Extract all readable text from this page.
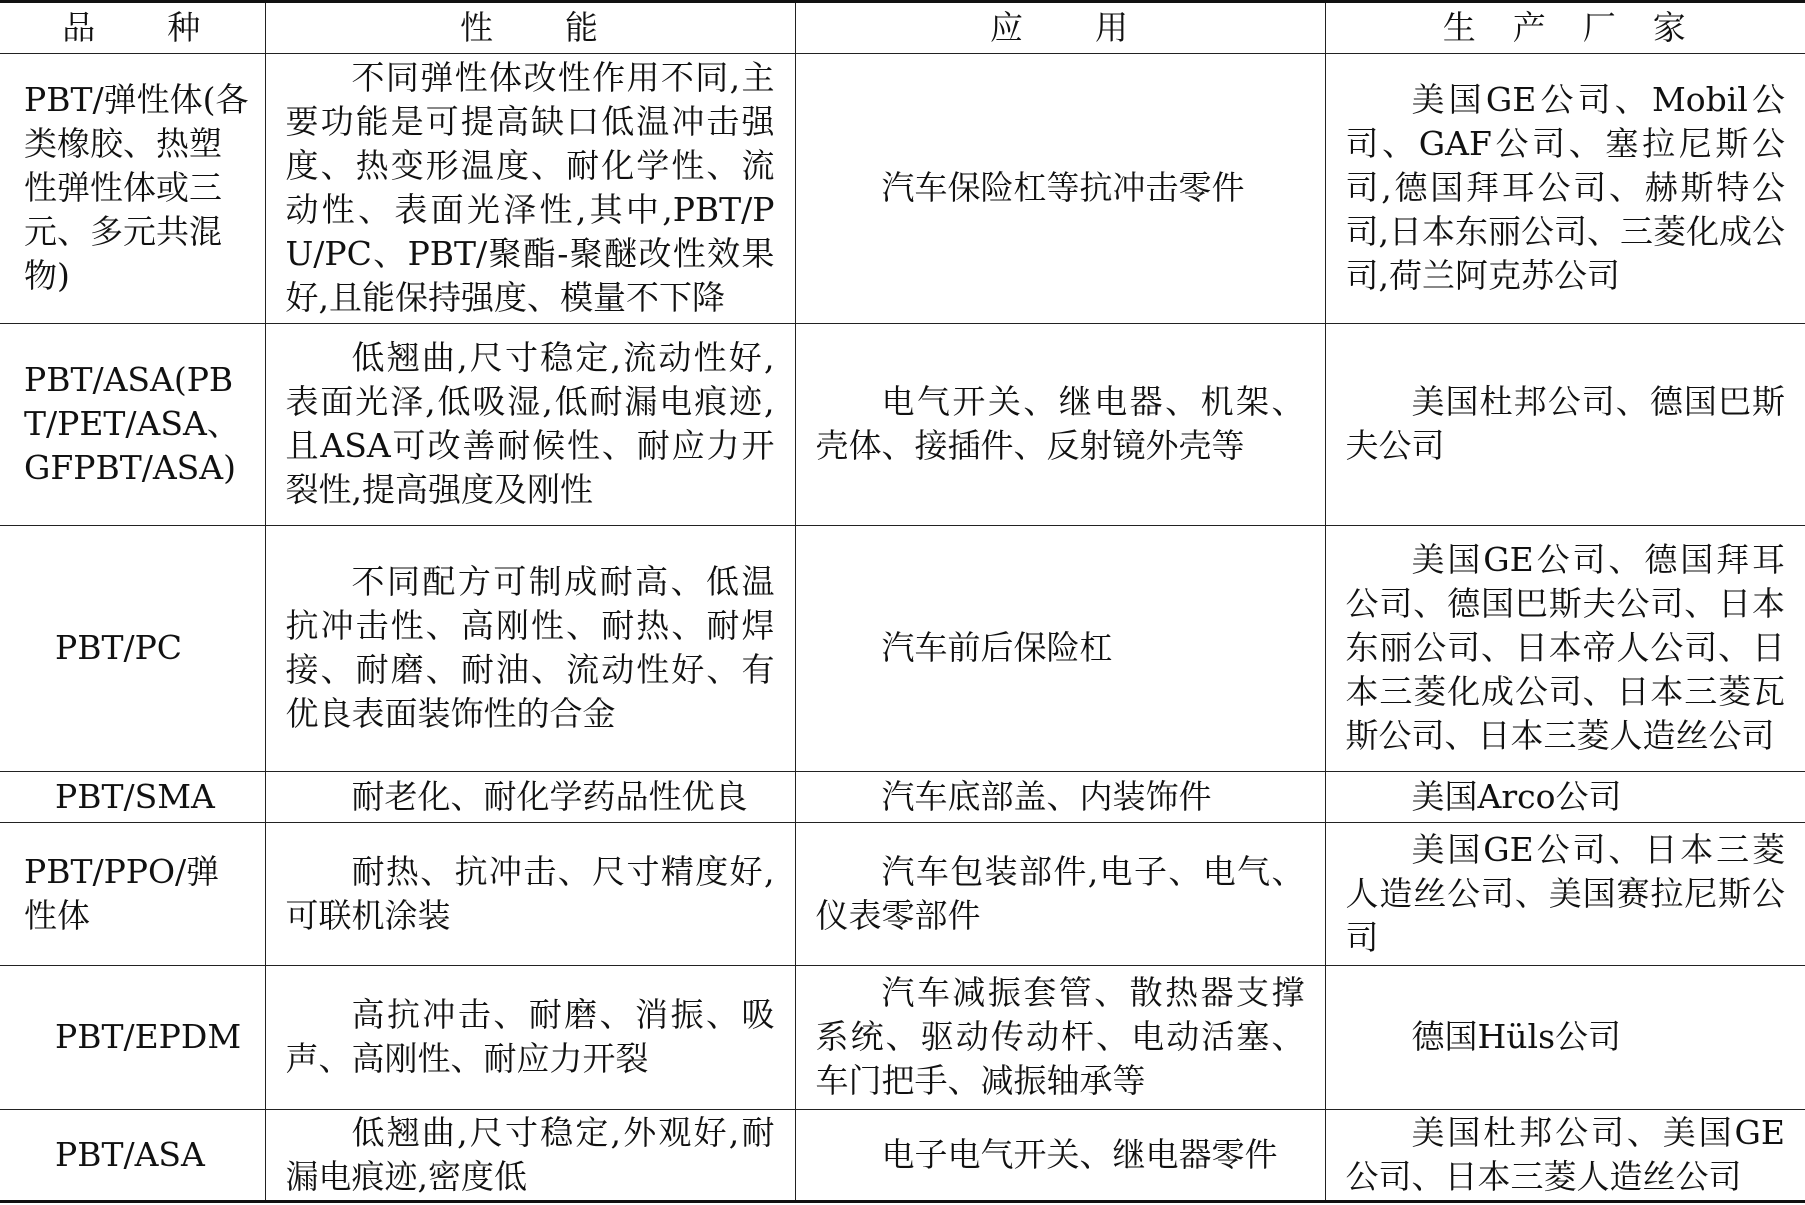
品　　种	性　　能	应　　用	生　产　厂　家
PBT/弹性体(各类橡胶、热塑性弹性体或三元、多元共混物)	不同弹性体改性作用不同,主要功能是可提高缺口低温冲击强度、热变形温度、耐化学性、流动性、表面光泽性,其中,PBT/PU/PC、PBT/聚酯-聚醚改性效果好,且能保持强度、模量不下降	汽车保险杠等抗冲击零件	美国GE公司、Mobil公司、GAF公司、塞拉尼斯公司,德国拜耳公司、赫斯特公司,日本东丽公司、三菱化成公司,荷兰阿克苏公司
PBT/ASA(PBT/PET/ASA、GFPBT/ASA)	低翘曲,尺寸稳定,流动性好,表面光泽,低吸湿,低耐漏电痕迹,且ASA可改善耐候性、耐应力开裂性,提高强度及刚性	电气开关、继电器、机架、壳体、接插件、反射镜外壳等	美国杜邦公司、德国巴斯夫公司
PBT/PC	不同配方可制成耐高、低温抗冲击性、高刚性、耐热、耐焊接、耐磨、耐油、流动性好、有优良表面装饰性的合金	汽车前后保险杠	美国GE公司、德国拜耳公司、德国巴斯夫公司、日本东丽公司、日本帝人公司、日本三菱化成公司、日本三菱瓦斯公司、日本三菱人造丝公司
PBT/SMA	耐老化、耐化学药品性优良	汽车底部盖、内装饰件	美国Arco公司
PBT/PPO/弹性体	耐热、抗冲击、尺寸精度好,可联机涂装	汽车包装部件,电子、电气、仪表零部件	美国GE公司、日本三菱人造丝公司、美国赛拉尼斯公司
PBT/EPDM	高抗冲击、耐磨、消振、吸声、高刚性、耐应力开裂	汽车减振套管、散热器支撑系统、驱动传动杆、电动活塞、车门把手、减振轴承等	德国Hüls公司
PBT/ASA	低翘曲,尺寸稳定,外观好,耐漏电痕迹,密度低	电子电气开关、继电器零件	美国杜邦公司、美国GE公司、日本三菱人造丝公司
